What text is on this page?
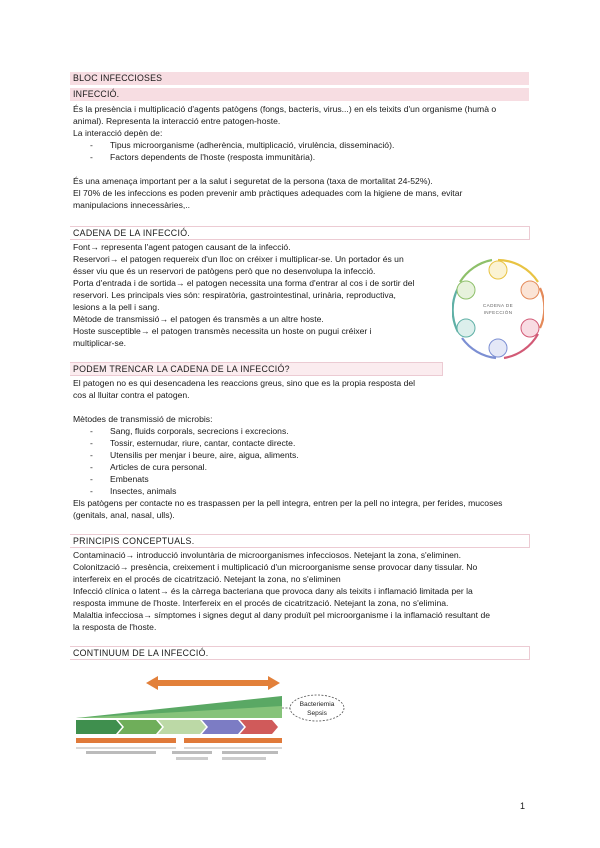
BLOC INFECCIOSES
INFECCIÓ.
És la presència i multiplicació d'agents patògens (fongs, bacteris, virus...) en els teixits d'un organisme (humà o
animal). Representa la interacció entre patogen-hoste.
La interacció depèn de:
- Tipus microorganisme (adherència, multiplicació, virulència, disseminació).
- Factors dependents de l'hoste (resposta immunitària).
És una amenaça important per a la salut i seguretat de la persona (taxa de mortalitat 24-52%).
El 70% de les infeccions es poden prevenir amb pràctiques adequades com la higiene de mans, evitar
manipulacions innecessàries,..
CADENA DE LA INFECCIÓ.
Font→ representa l'agent patogen causant de la infecció.
Reservori→ el patogen requereix d'un lloc on créixer i multiplicar-se. Un portador és un
ésser viu que és un reservori de patògens però que no desenvolupa la infecció.
Porta d'entrada i de sortida→ el patogen necessita una forma d'entrar al cos i de sortir del
reservori. Les principals vies són: respiratòria, gastrointestinal, urinària, reproductiva,
lesions a la pell i sang.
Mètode de transmissió→ el patogen és transmès a un altre hoste.
Hoste susceptible→ el patogen transmès necessita un hoste on pugui créixer i
multiplicar-se.
CADENA DE
INFECCIÓN
PODEM TRENCAR LA CADENA DE LA INFECCIÓ?
El patogen no es qui desencadena les reaccions greus, sino que es la propia resposta del
cos al lluitar contra el patogen.
Mètodes de transmissió de microbis:
- Sang, fluids corporals, secrecions i excrecions.
- Tossir, esternudar, riure, cantar, contacte directe.
- Utensilis per menjar i beure, aire, aigua, aliments.
- Articles de cura personal.
- Embenats
- Insectes, animals
Els patògens per contacte no es traspassen per la pell integra, entren per la pell no integra, per ferides, mucoses
(genitals, anal, nasal, ulls).
PRINCIPIS CONCEPTUALS.
Contaminació→ introducció involuntària de microorganismes infecciosos. Netejant la zona, s'eliminen.
Colonització→ presència, creixement i multiplicació d'un microorganisme sense provocar dany tissular. No
interfereix en el procés de cicatrització. Netejant la zona, no s'eliminen
Infecció clínica o latent→ és la càrrega bacteriana que provoca dany als teixits i inflamació limitada per la
resposta immune de l'hoste. Interfereix en el procés de cicatrització. Netejant la zona, no s'elimina.
Malaltia infecciosa→ símptomes i signes degut al dany produït pel microorganisme i la inflamació resultant de
la resposta de l'hoste.
CONTINUUM DE LA INFECCIÓ.
Bacteriemia
Sepsis
1
